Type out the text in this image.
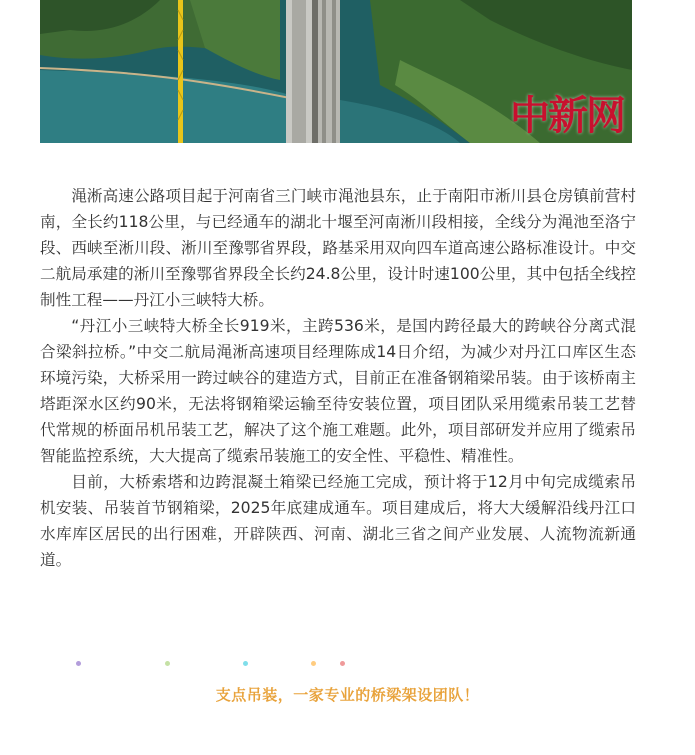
中新网

渑淅高速公路项目起于河南省三门峡市渑池县东，止于南阳市淅川县仓房镇前营村南，全长约118公里，与已经通车的湖北十堰至河南淅川段相接，全线分为渑池至洛宁段、西峡至淅川段、淅川至豫鄂省界段，路基采用双向四车道高速公路标准设计。中交二航局承建的淅川至豫鄂省界段全长约24.8公里，设计时速100公里，其中包括全线控制性工程——丹江小三峡特大桥。

“丹江小三峡特大桥全长919米，主跨536米，是国内跨径最大的跨峡谷分离式混合梁斜拉桥。”中交二航局渑淅高速项目经理陈成14日介绍，为减少对丹江口库区生态环境污染，大桥采用一跨过峡谷的建造方式，目前正在准备钢箱梁吊装。由于该桥南主塔距深水区约90米，无法将钢箱梁运输至待安装位置，项目团队采用缆索吊装工艺替代常规的桥面吊机吊装工艺，解决了这个施工难题。此外，项目部研发并应用了缆索吊智能监控系统，大大提高了缆索吊装施工的安全性、平稳性、精准性。

目前，大桥索塔和边跨混凝土箱梁已经施工完成，预计将于12月中旬完成缆索吊机安装、吊装首节钢箱梁，2025年底建成通车。项目建成后，将大大缓解沿线丹江口水库库区居民的出行困难，开辟陕西、河南、湖北三省之间产业发展、人流物流新通道。

支点吊装，一家专业的桥梁架设团队！
